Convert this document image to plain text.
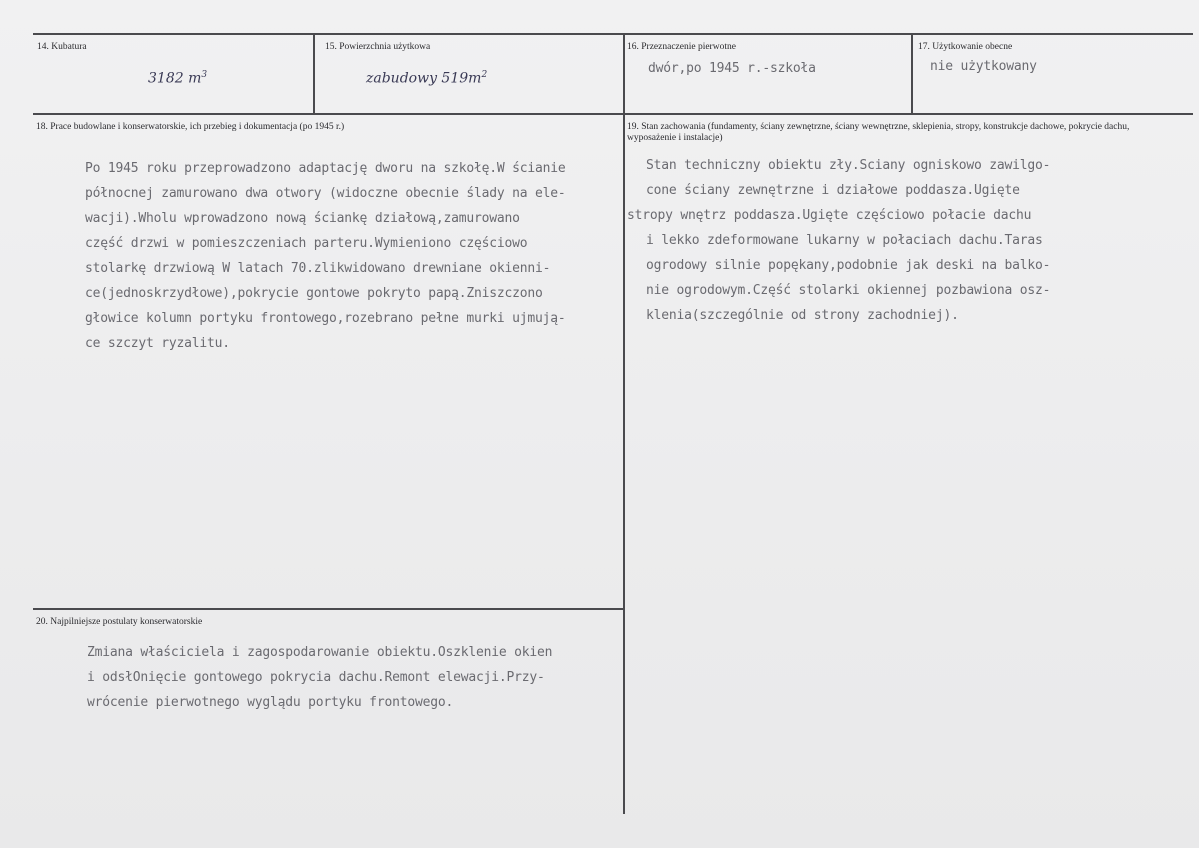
14. Kubatura
3182 $m^3$
15. Powierzchnia użytkowa
zabudowy $519m^2$
16. Przeznaczenie pierwotne
dwór,po 1945 r.-szkoła
17. Użytkowanie obecne
nie użytkowany
18. Prace budowlane i konserwatorskie, ich przebieg i dokumentacja (po 1945 r.)
Po 1945 roku przeprowadzono adaptację dworu na szkołę.W ścianie
północnej zamurowano dwa otwory (widoczne obecnie ślady na ele-
wacji).Wholu wprowadzono nową ściankę działową,zamurowano
część drzwi w pomieszczeniach parteru.Wymieniono częściowo
stolarkę drzwiową W latach 70.zlikwidowano drewniane okienni-
ce(jednoskrzydłowe),pokrycie gontowe pokryto papą.Zniszczono
głowice kolumn portyku frontowego,rozebrano pełne murki ujmują-
ce szczyt ryzalitu.
19. Stan zachowania (fundamenty, ściany zewnętrzne, ściany wewnętrzne, sklepienia, stropy, konstrukcje dachowe, pokrycie dachu, wyposażenie i instalacje)
Stan techniczny obiektu zły.Sciany ogniskowo zawilgo-
cone ściany zewnętrzne i działowe poddasza.Ugięte
stropy wnętrz poddasza.Ugięte częściowo połacie dachu
i lekko zdeformowane lukarny w połaciach dachu.Taras
ogrodowy silnie popękany,podobnie jak deski na balko-
nie ogrodowym.Część stolarki okiennej pozbawiona osz-
klenia(szczególnie od strony zachodniej).
20. Najpilniejsze postulaty konserwatorskie
Zmiana właściciela i zagospodarowanie obiektu.Oszklenie okien
i odsłOnięcie gontowego pokrycia dachu.Remont elewacji.Przy-
wrócenie pierwotnego wyglądu portyku frontowego.
